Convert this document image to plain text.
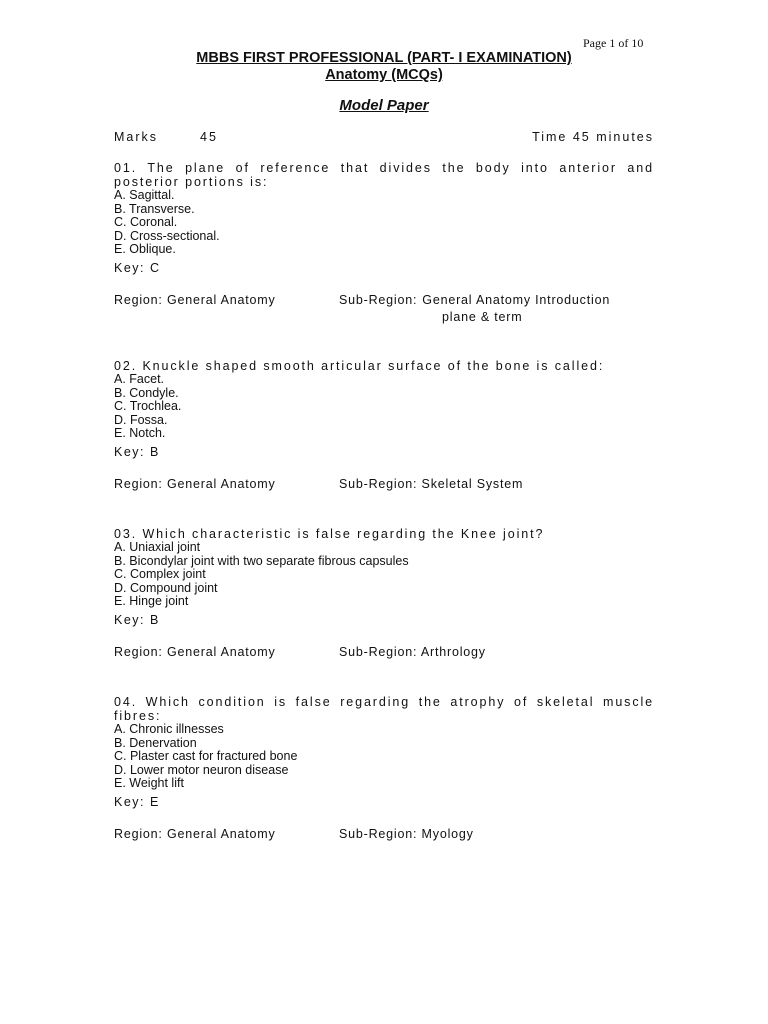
Page 1 of 10
MBBS FIRST PROFESSIONAL (PART- I EXAMINATION)
Anatomy (MCQs)
Model Paper
Marks	45	Time 45 minutes
01. The plane of reference that divides the body into anterior and posterior portions is:
A. Sagittal.
B. Transverse.
C. Coronal.
D. Cross-sectional.
E. Oblique.
Key: C
Region: General Anatomy	Sub-Region: General Anatomy Introduction
plane & term
02. Knuckle shaped smooth articular surface of the bone is called:
A. Facet.
B. Condyle.
C. Trochlea.
D. Fossa.
E. Notch.
Key: B
Region: General Anatomy	Sub-Region: Skeletal System
03. Which characteristic is false regarding the Knee joint?
A. Uniaxial joint
B. Bicondylar joint with two separate fibrous capsules
C. Complex joint
D. Compound joint
E. Hinge joint
Key: B
Region: General Anatomy	Sub-Region: Arthrology
04. Which condition is false regarding the atrophy of skeletal muscle fibres:
A. Chronic illnesses
B. Denervation
C. Plaster cast for fractured bone
D. Lower motor neuron disease
E. Weight lift
Key: E
Region: General Anatomy	Sub-Region: Myology
